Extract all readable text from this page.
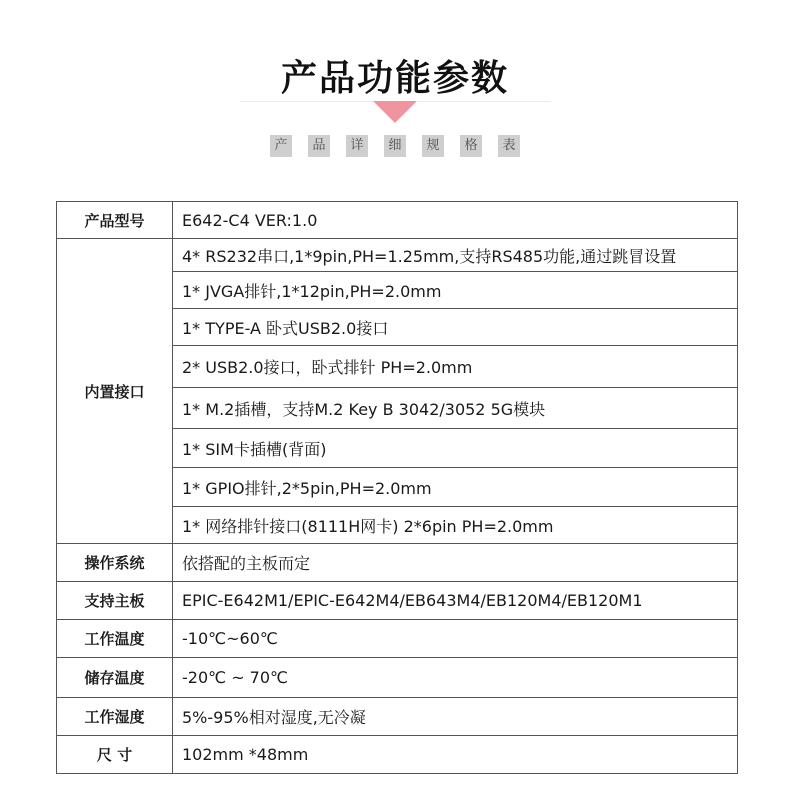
产品功能参数
产	品	详	细	规	格	表
产品型号	E642-C4 VER:1.0
内置接口	4* RS232串口,1*9pin,PH=1.25mm,支持RS485功能,通过跳冒设置
	1* JVGA排针,1*12pin,PH=2.0mm
	1* TYPE-A 卧式USB2.0接口
	2* USB2.0接口，卧式排针 PH=2.0mm
	1* M.2插槽，支持M.2 Key B 3042/3052 5G模块
	1* SIM卡插槽(背面)
	1* GPIO排针,2*5pin,PH=2.0mm
	1* 网络排针接口(8111H网卡) 2*6pin PH=2.0mm
操作系统	依搭配的主板而定
支持主板	EPIC-E642M1/EPIC-E642M4/EB643M4/EB120M4/EB120M1
工作温度	-10℃~60℃
储存温度	-20℃ ~ 70℃
工作湿度	5%-95%相对湿度,无冷凝
尺 寸	102mm *48mm
